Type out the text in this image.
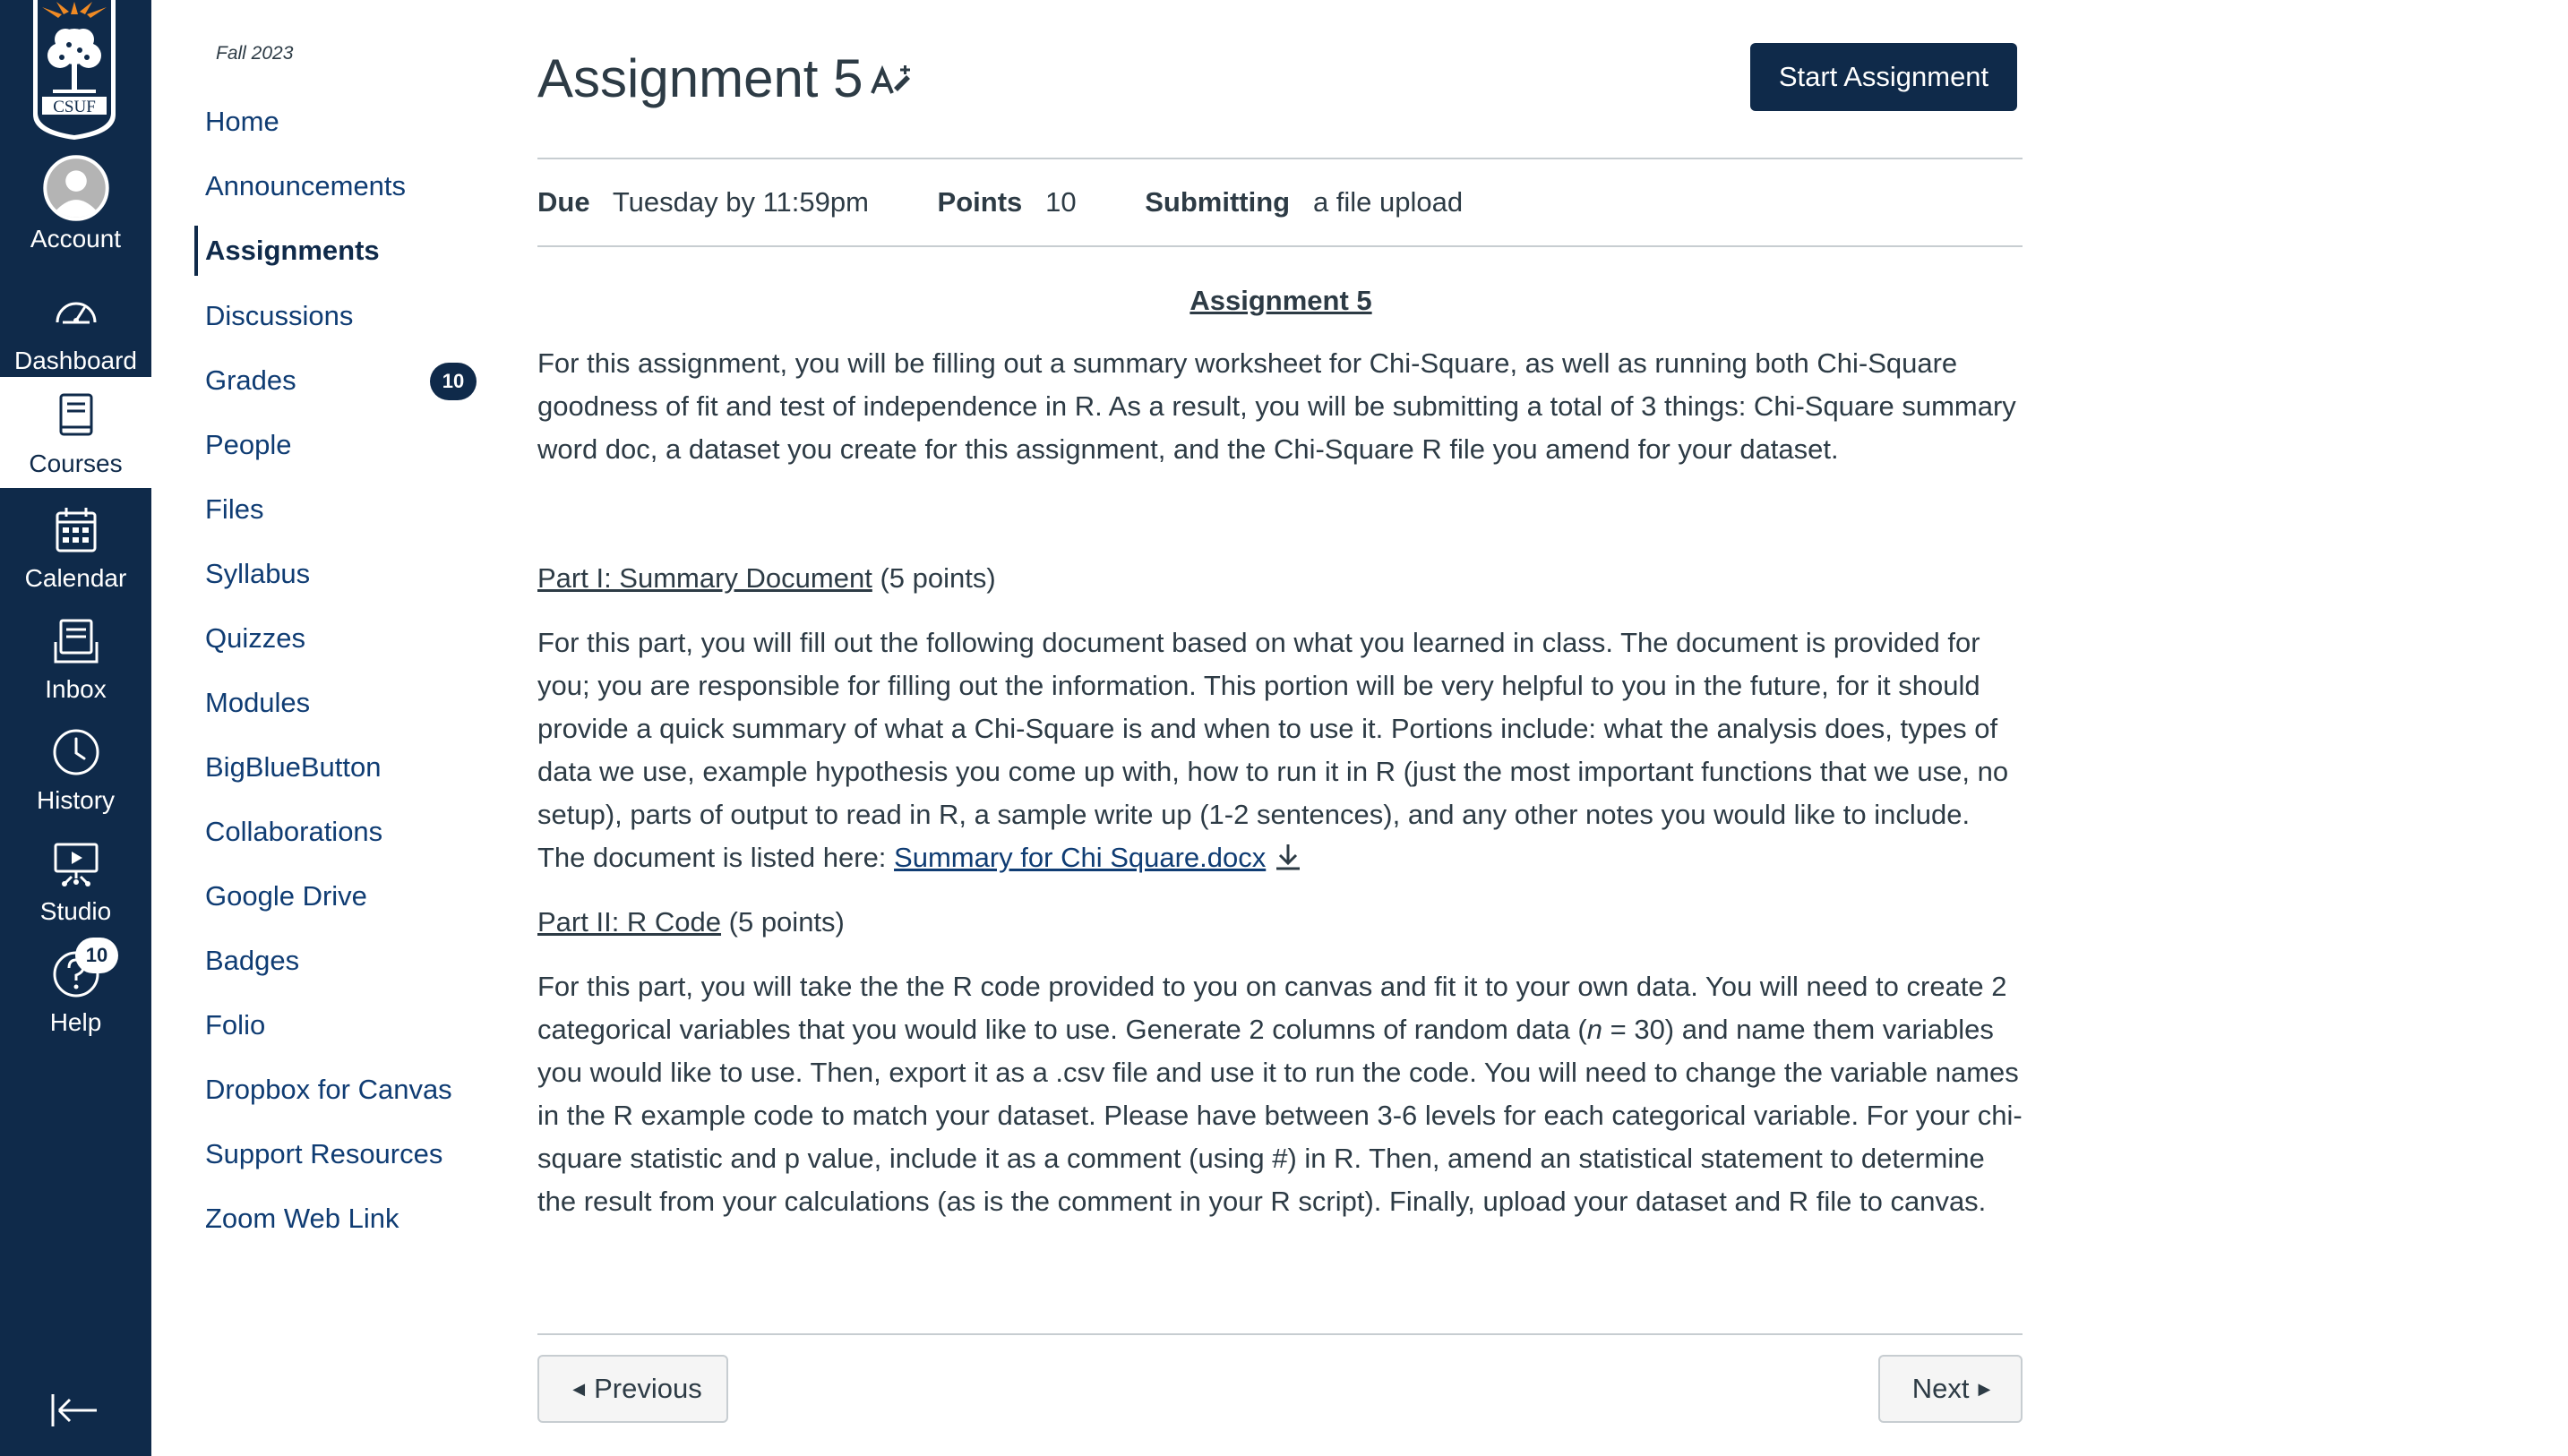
CSUF
Account
Dashboard
Courses
Calendar
Inbox
History
Studio
10
Help
Fall 2023
Home
Announcements
Assignments
Discussions
Grades	10
People
Files
Syllabus
Quizzes
Modules
BigBlueButton
Collaborations
Google Drive
Badges
Folio
Dropbox for Canvas
Support Resources
Zoom Web Link
Assignment 5	Start Assignment
Due Tuesday by 11:59pm Points 10 Submitting a file upload
Assignment 5

For this assignment, you will be filling out a summary worksheet for Chi-Square, as well as running both Chi-Square goodness of fit and test of independence in R. As a result, you will be submitting a total of 3 things: Chi-Square summary word doc, a dataset you create for this assignment, and the Chi-Square R file you amend for your dataset.

Part I: Summary Document (5 points)

For this part, you will fill out the following document based on what you learned in class. The document is provided for you; you are responsible for filling out the information. This portion will be very helpful to you in the future, for it should provide a quick summary of what a Chi-Square is and when to use it. Portions include: what the analysis does, types of data we use, example hypothesis you come up with, how to run it in R (just the most important functions that we use, no setup), parts of output to read in R, a sample write up (1-2 sentences), and any other notes you would like to include. The document is listed here: Summary for Chi Square.docx

Part II: R Code (5 points)

For this part, you will take the the R code provided to you on canvas and fit it to your own data. You will need to create 2 categorical variables that you would like to use. Generate 2 columns of random data (n = 30) and name them variables you would like to use. Then, export it as a .csv file and use it to run the code. You will need to change the variable names in the R example code to match your dataset. Please have between 3-6 levels for each categorical variable. For your chi-square statistic and p value, include it as a comment (using #) in R. Then, amend an statistical statement to determine the result from your calculations (as is the comment in your R script). Finally, upload your dataset and R file to canvas.

◀ Previous	Next ▶
